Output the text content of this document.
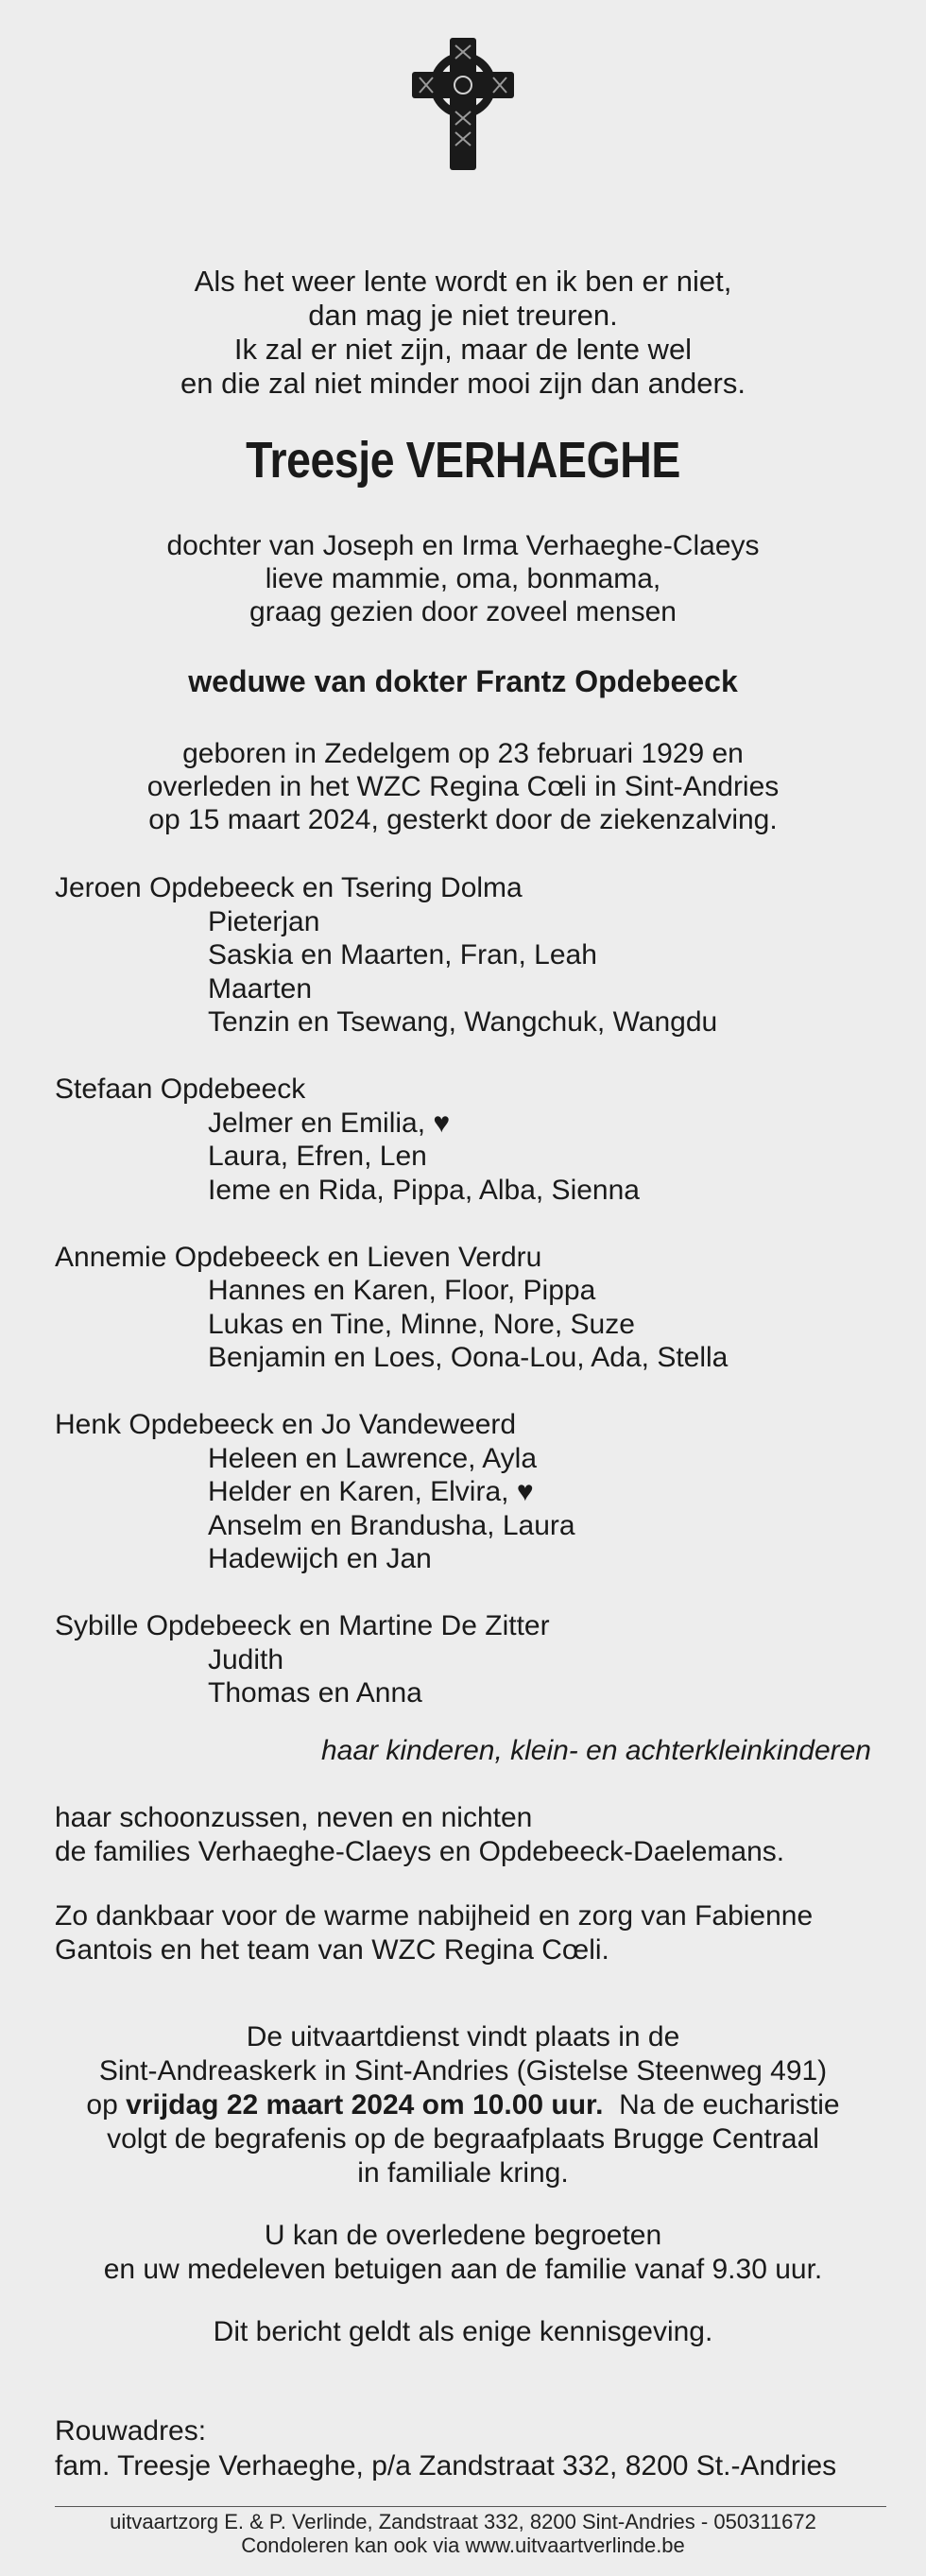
Als het weer lente wordt en ik ben er niet,
dan mag je niet treuren.
Ik zal er niet zijn, maar de lente wel
en die zal niet minder mooi zijn dan anders.
Treesje VERHAEGHE
dochter van Joseph en Irma Verhaeghe-Claeys
lieve mammie, oma, bonmama,
graag gezien door zoveel mensen
weduwe van dokter Frantz Opdebeeck
geboren in Zedelgem op 23 februari 1929 en
overleden in het WZC Regina Cœli in Sint-Andries
op 15 maart 2024, gesterkt door de ziekenzalving.
Jeroen Opdebeeck en Tsering Dolma
Pieterjan
Saskia en Maarten, Fran, Leah
Maarten
Tenzin en Tsewang, Wangchuk, Wangdu
Stefaan Opdebeeck
Jelmer en Emilia, ♥
Laura, Efren, Len
Ieme en Rida, Pippa, Alba, Sienna
Annemie Opdebeeck en Lieven Verdru
Hannes en Karen, Floor, Pippa
Lukas en Tine, Minne, Nore, Suze
Benjamin en Loes, Oona-Lou, Ada, Stella
Henk Opdebeeck en Jo Vandeweerd
Heleen en Lawrence, Ayla
Helder en Karen, Elvira, ♥
Anselm en Brandusha, Laura
Hadewijch en Jan
Sybille Opdebeeck en Martine De Zitter
Judith
Thomas en Anna
haar kinderen, klein- en achterkleinkinderen
haar schoonzussen, neven en nichten
de families Verhaeghe-Claeys en Opdebeeck-Daelemans.
Zo dankbaar voor de warme nabijheid en zorg van Fabienne
Gantois en het team van WZC Regina Cœli.
De uitvaartdienst vindt plaats in de
Sint-Andreaskerk in Sint-Andries (Gistelse Steenweg 491)
op vrijdag 22 maart 2024 om 10.00 uur.  Na de eucharistie
volgt de begrafenis op de begraafplaats Brugge Centraal
in familiale kring.
U kan de overledene begroeten
en uw medeleven betuigen aan de familie vanaf 9.30 uur.
Dit bericht geldt als enige kennisgeving.
Rouwadres:
fam. Treesje Verhaeghe, p/a Zandstraat 332, 8200 St.-Andries
uitvaartzorg E. & P. Verlinde, Zandstraat 332, 8200 Sint-Andries - 050311672
Condoleren kan ook via www.uitvaartverlinde.be
